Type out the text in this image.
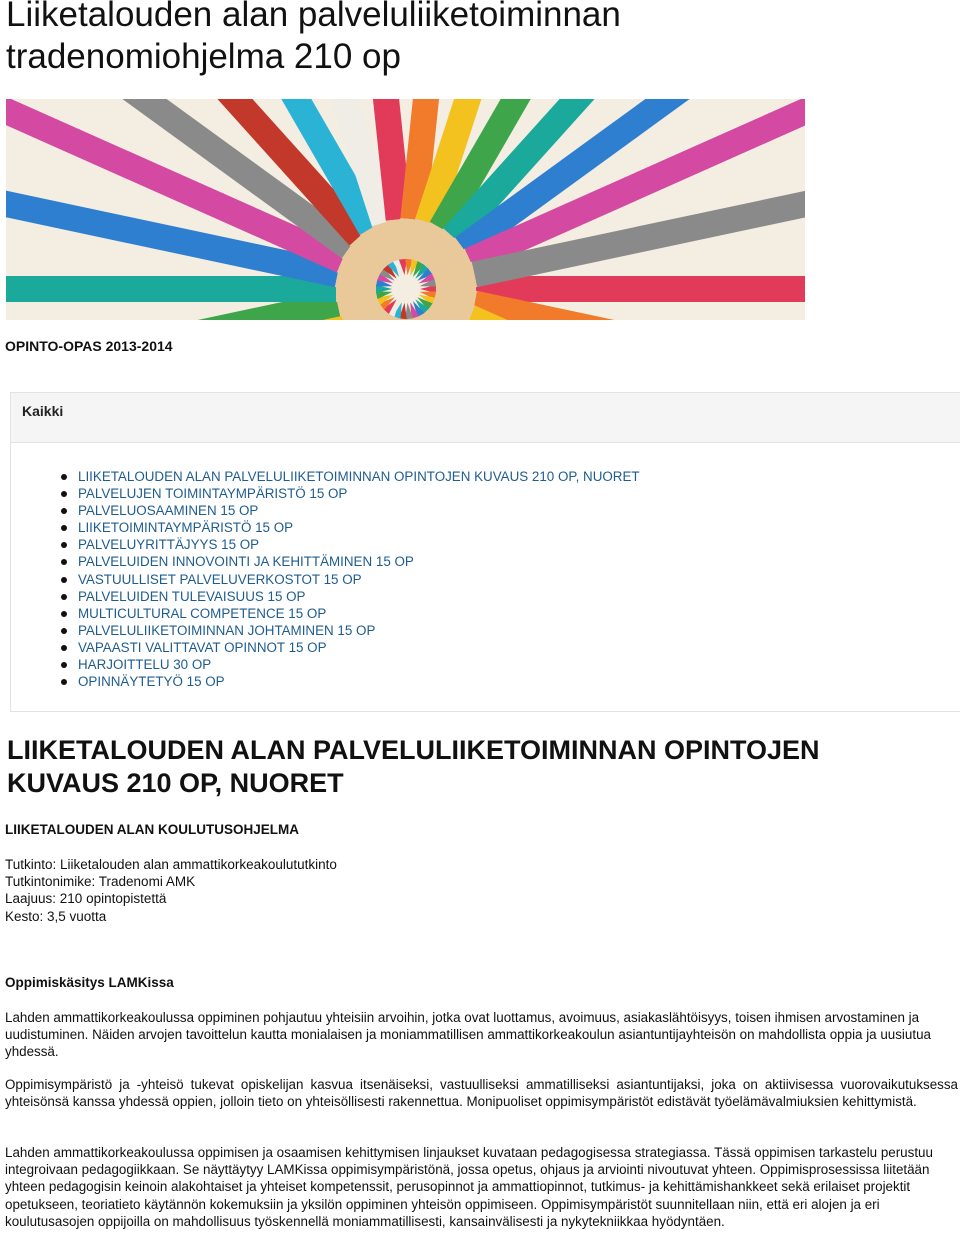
Liiketalouden alan palveluliiketoiminnan
tradenomiohjelma 210 op
OPINTO-OPAS 2013-2014
Kaikki
LIIKETALOUDEN ALAN PALVELULIIKETOIMINNAN OPINTOJEN KUVAUS 210 OP, NUORET
PALVELUJEN TOIMINTAYMPÄRISTÖ 15 OP
PALVELUOSAAMINEN 15 OP
LIIKETOIMINTAYMPÄRISTÖ 15 OP
PALVELUYRITTÄJYYS 15 OP
PALVELUIDEN INNOVOINTI JA KEHITTÄMINEN 15 OP
VASTUULLISET PALVELUVERKOSTOT 15 OP
PALVELUIDEN TULEVAISUUS 15 OP
MULTICULTURAL COMPETENCE 15 OP
PALVELULIIKETOIMINNAN JOHTAMINEN 15 OP
VAPAASTI VALITTAVAT OPINNOT 15 OP
HARJOITTELU 30 OP
OPINNÄYTETYÖ 15 OP
LIIKETALOUDEN ALAN PALVELULIIKETOIMINNAN OPINTOJEN
KUVAUS 210 OP, NUORET
LIIKETALOUDEN ALAN KOULUTUSOHJELMA
Tutkinto: Liiketalouden alan ammattikorkeakoulututkinto
Tutkintonimike: Tradenomi AMK
Laajuus: 210 opintopistettä
Kesto: 3,5 vuotta
Oppimiskäsitys LAMKissa

Lahden ammattikorkeakoulussa oppiminen pohjautuu yhteisiin arvoihin, jotka ovat luottamus, avoimuus, asiakaslähtöisyys, toisen ihmisen arvostaminen ja uudistuminen. Näiden arvojen tavoittelun kautta monialaisen ja moniammatillisen ammattikorkeakoulun asiantuntijayhteisön on mahdollista oppia ja uusiutua yhdessä.

Oppimisympäristö ja -yhteisö tukevat opiskelijan kasvua itsenäiseksi, vastuulliseksi ammatilliseksi asiantuntijaksi, joka on aktiivisessa vuorovaikutuksessa yhteisönsä kanssa yhdessä oppien, jolloin tieto on yhteisöllisesti rakennettua. Monipuoliset oppimisympäristöt edistävät työelämävalmiuksien kehittymistä.

Lahden ammattikorkeakoulussa oppimisen ja osaamisen kehittymisen linjaukset kuvataan pedagogisessa strategiassa. Tässä oppimisen tarkastelu perustuu integroivaan pedagogiikkaan. Se näyttäytyy LAMKissa oppimisympäristönä, jossa opetus, ohjaus ja arviointi nivoutuvat yhteen. Oppimisprosessissa liitetään yhteen pedagogisin keinoin alakohtaiset ja yhteiset kompetenssit, perusopinnot ja ammattiopinnot, tutkimus- ja kehittämishankkeet sekä erilaiset projektit opetukseen, teoriatieto käytännön kokemuksiin ja yksilön oppiminen yhteisön oppimiseen. Oppimisympäristöt suunnitellaan niin, että eri alojen ja eri koulutusasojen oppijoilla on mahdollisuus työskennellä moniammatillisesti, kansainvälisesti ja nykytekniikkaa hyödyntäen.
